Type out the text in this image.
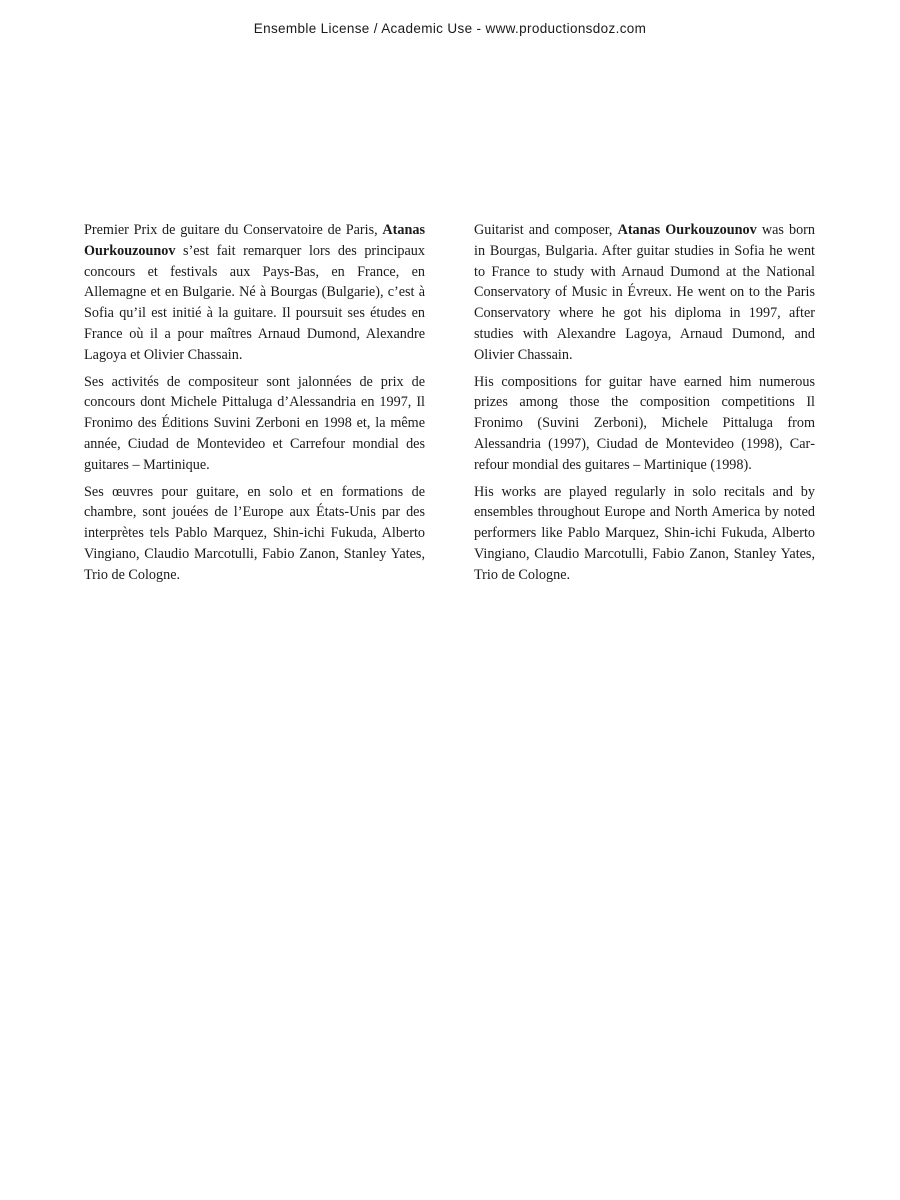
Ensemble License / Academic Use - www.productionsdoz.com

Premier Prix de guitare du Conservatoire de Paris, Atanas Ourkouzounov s’est fait remarquer lors des principaux concours et festivals aux Pays-Bas, en France, en Allemagne et en Bulgarie. Né à Bourgas (Bulgarie), c’est à Sofia qu’il est initié à la guitare. Il poursuit ses études en France où il a pour maîtres Arnaud Dumond, Alexandre Lagoya et Olivier Chassain.

Ses activités de compositeur sont jalonnées de prix de concours dont Michele Pittaluga d’Alessandria en 1997, Il Fronimo des Éditions Suvini Zerboni en 1998 et, la même année, Ciudad de Montevideo et Carrefour mondial des guitares – Martinique.

Ses œuvres pour guitare, en solo et en formations de chambre, sont jouées de l’Europe aux États-Unis par des interprètes tels Pablo Marquez, Shin-ichi Fukuda, Alberto Vingiano, Claudio Marcotulli, Fabio Zanon, Stanley Yates, Trio de Cologne.

Guitarist and composer, Atanas Ourkouzounov was born in Bourgas, Bulgaria. After guitar studies in Sofia he went to France to study with Arnaud Dumond at the National Conservatory of Music in Évreux. He went on to the Paris Conservatory where he got his diploma in 1997, after studies with Alexandre Lagoya, Arnaud Dumond, and Olivier Chassain.

His compositions for guitar have earned him numerous prizes among those the composition competitions Il Fronimo (Suvini Zerboni), Michele Pittaluga from Alessandria (1997), Ciudad de Montevideo (1998), Carrefour mondial des guitares – Martinique (1998).

His works are played regularly in solo recitals and by ensembles throughout Europe and North America by noted performers like Pablo Marquez, Shin-ichi Fukuda, Alberto Vingiano, Claudio Marcotulli, Fabio Zanon, Stanley Yates, Trio de Cologne.
